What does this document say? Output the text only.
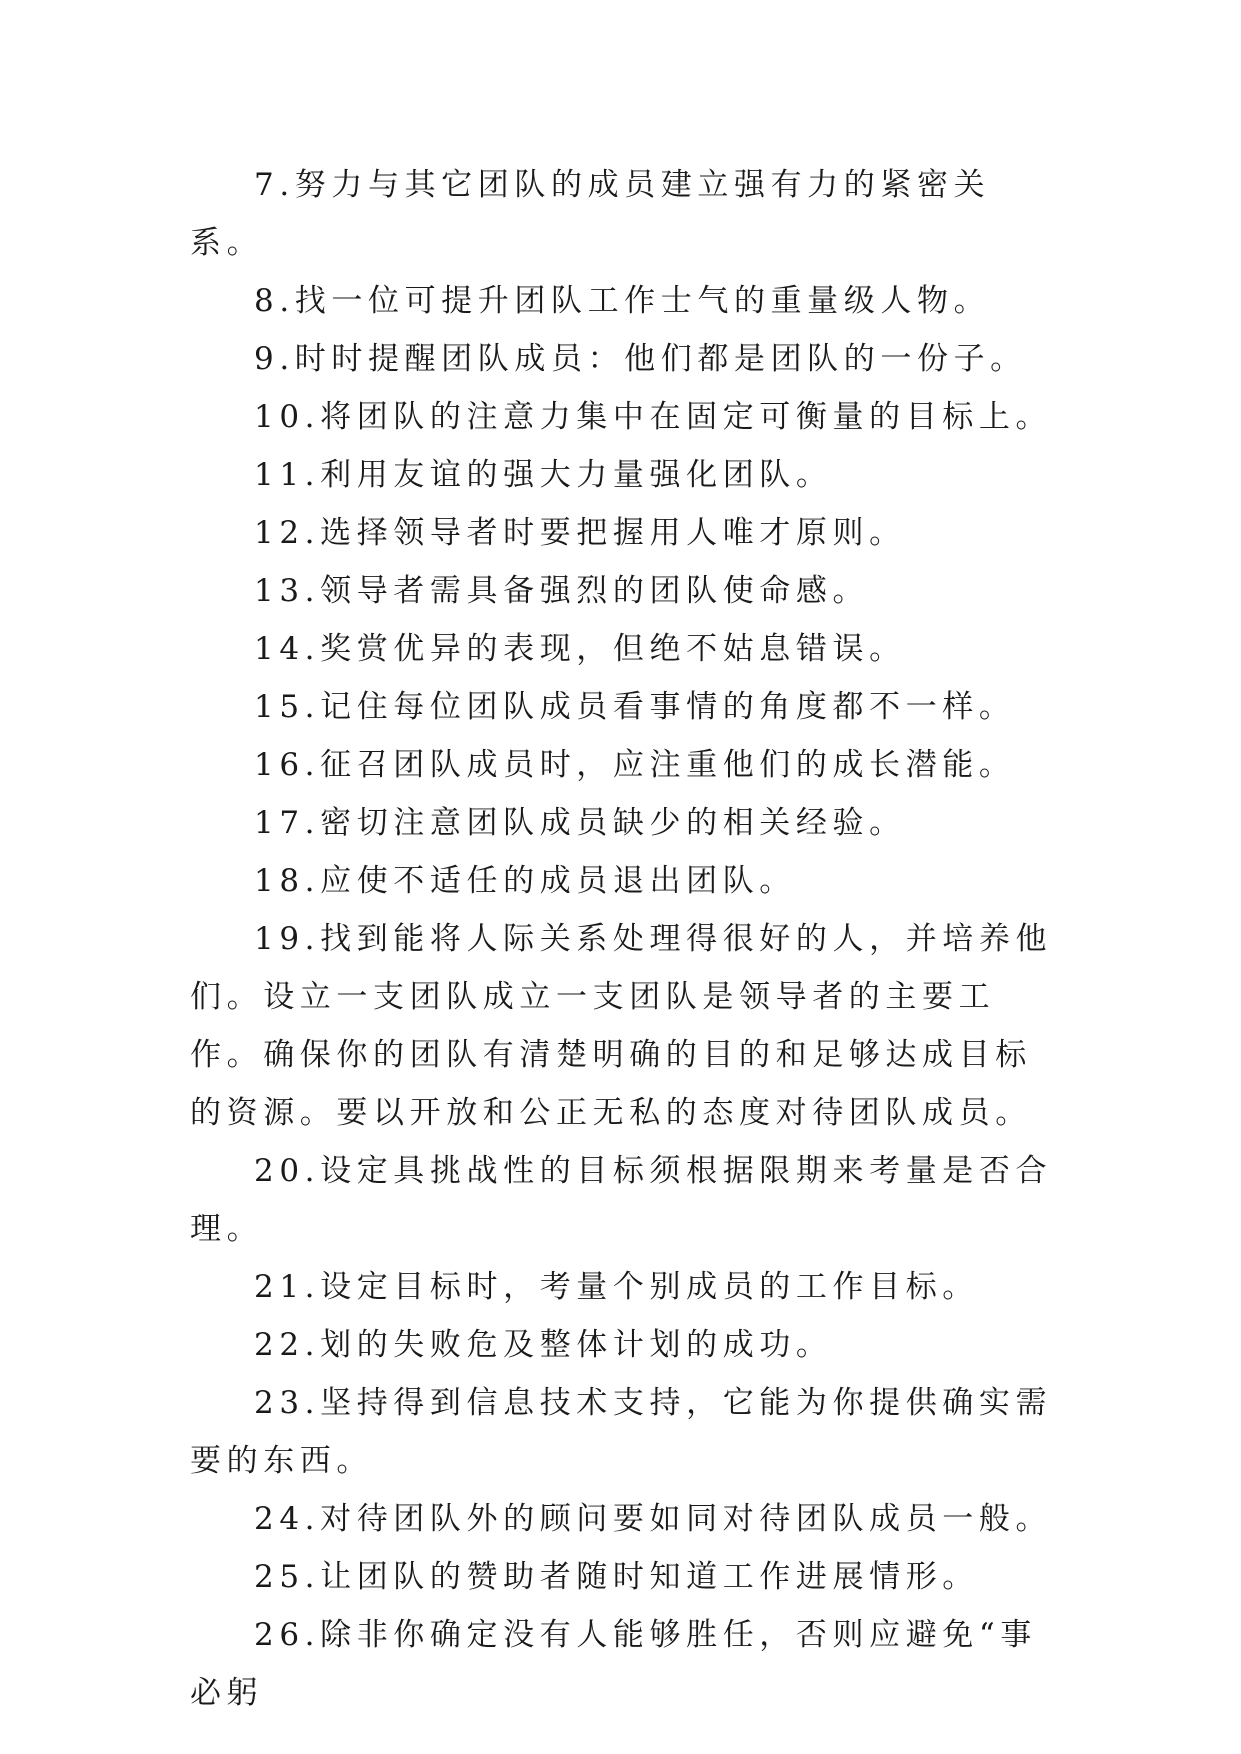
7.努力与其它团队的成员建立强有力的紧密关系。

8.找一位可提升团队工作士气的重量级人物。

9.时时提醒团队成员：他们都是团队的一份子。

10.将团队的注意力集中在固定可衡量的目标上。

11.利用友谊的强大力量强化团队。

12.选择领导者时要把握用人唯才原则。

13.领导者需具备强烈的团队使命感。

14.奖赏优异的表现，但绝不姑息错误。

15.记住每位团队成员看事情的角度都不一样。

16.征召团队成员时，应注重他们的成长潜能。

17.密切注意团队成员缺少的相关经验。

18.应使不适任的成员退出团队。

19.找到能将人际关系处理得很好的人，并培养他们。设立一支团队成立一支团队是领导者的主要工作。确保你的团队有清楚明确的目的和足够达成目标的资源。要以开放和公正无私的态度对待团队成员。

20.设定具挑战性的目标须根据限期来考量是否合理。

21.设定目标时，考量个别成员的工作目标。

22.划的失败危及整体计划的成功。

23.坚持得到信息技术支持，它能为你提供确实需要的东西。

24.对待团队外的顾问要如同对待团队成员一般。

25.让团队的赞助者随时知道工作进展情形。

26.除非你确定没有人能够胜任，否则应避免“事必躬
